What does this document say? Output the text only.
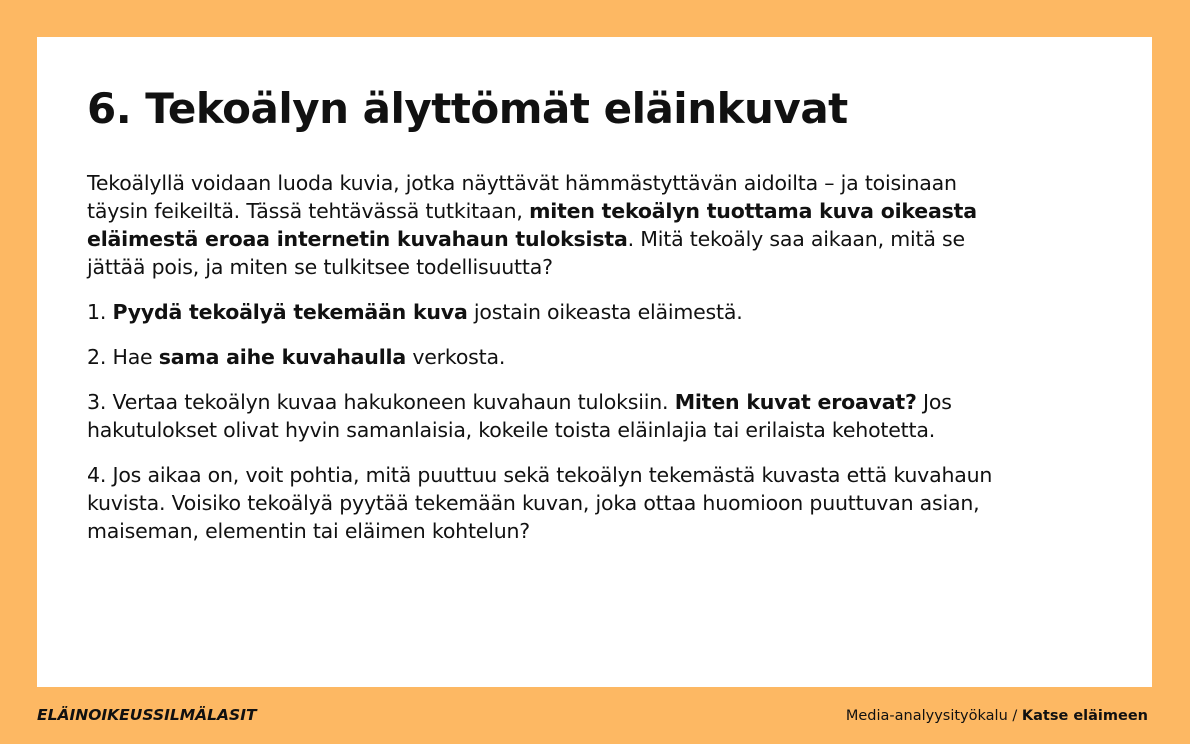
6. Tekoälyn älyttömät eläinkuvat

Tekoälyllä voidaan luoda kuvia, jotka näyttävät hämmästyttävän aidoilta – ja toisinaan täysin feikeiltä. Tässä tehtävässä tutkitaan, miten tekoälyn tuottama kuva oikeasta eläimestä eroaa internetin kuvahaun tuloksista. Mitä tekoäly saa aikaan, mitä se jättää pois, ja miten se tulkitsee todellisuutta?

1. Pyydä tekoälyä tekemään kuva jostain oikeasta eläimestä.

2. Hae sama aihe kuvahaulla verkosta.

3. Vertaa tekoälyn kuvaa hakukoneen kuvahaun tuloksiin. Miten kuvat eroavat? Jos hakutulokset olivat hyvin samanlaisia, kokeile toista eläinlajia tai erilaista kehotetta.

4. Jos aikaa on, voit pohtia, mitä puuttuu sekä tekoälyn tekemästä kuvasta että kuvahaun kuvista. Voisiko tekoälyä pyytää tekemään kuvan, joka ottaa huomioon puuttuvan asian, maiseman, elementin tai eläimen kohtelun?

ELÄINOIKEUSSILMÄLASIT	Media-analyysityökalu / Katse eläimeen
